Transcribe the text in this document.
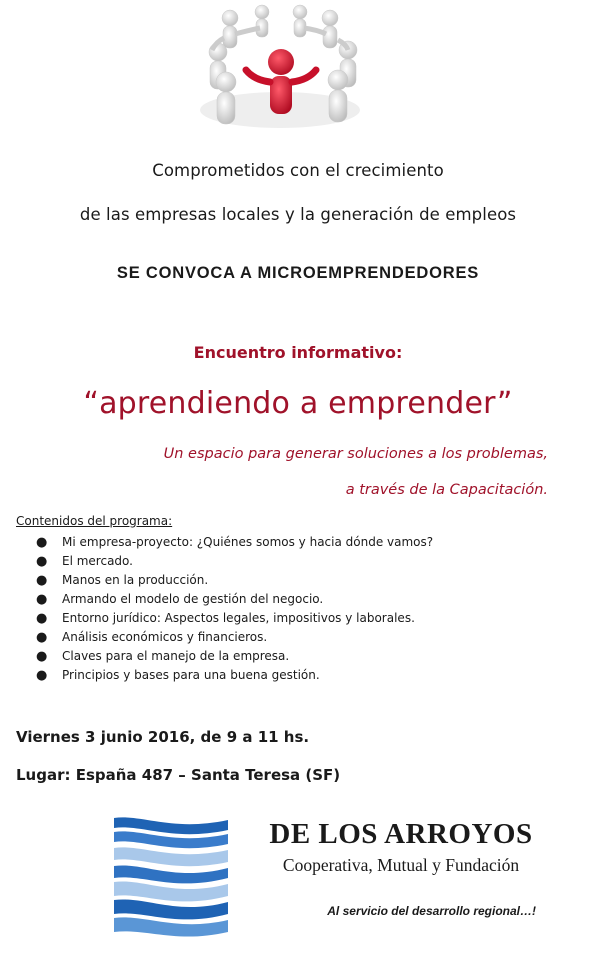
Comprometidos con el crecimiento
de las empresas locales y la generación de empleos
SE CONVOCA A MICROEMPRENDEDORES
Encuentro informativo:
“aprendiendo a emprender”
Un espacio para generar soluciones a los problemas,
a través de la Capacitación.
Contenidos del programa:
● Mi empresa-proyecto: ¿Quiénes somos y hacia dónde vamos?
● El mercado.
● Manos en la producción.
● Armando el modelo de gestión del negocio.
● Entorno jurídico: Aspectos legales, impositivos y laborales.
● Análisis económicos y financieros.
● Claves para el manejo de la empresa.
● Principios y bases para una buena gestión.
Viernes 3 junio 2016, de 9 a 11 hs.
Lugar: España 487 – Santa Teresa (SF)
DE LOS ARROYOS
Cooperativa, Mutual y Fundación
Al servicio del desarrollo regional…!
